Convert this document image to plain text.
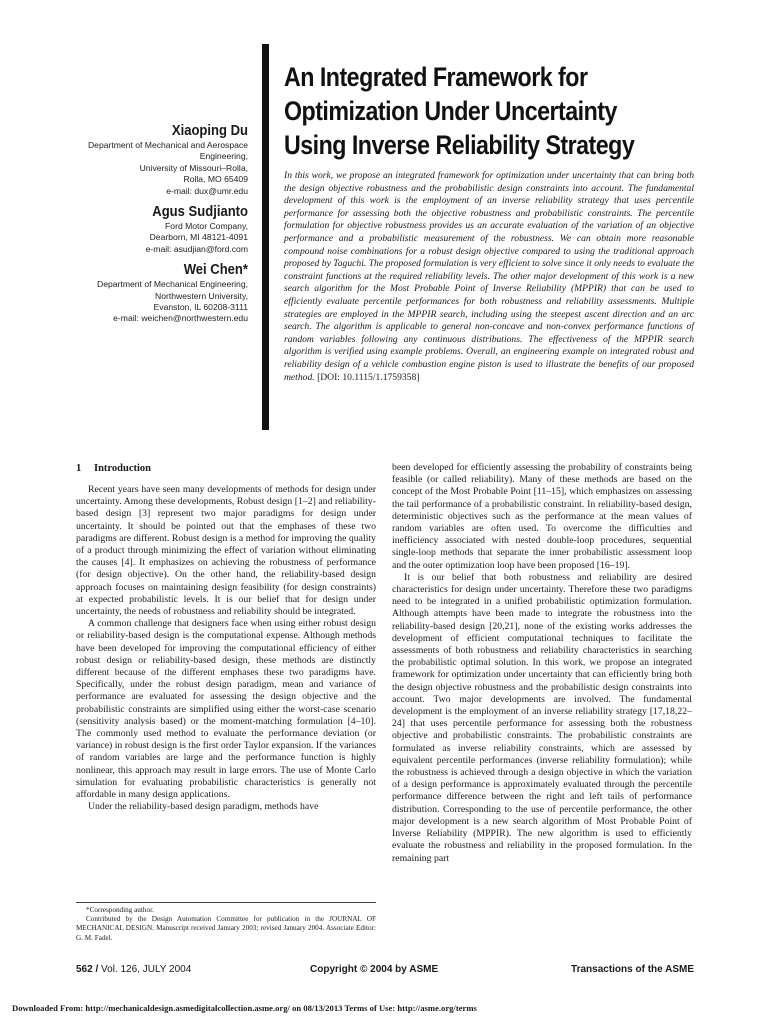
Xiaoping Du
Department of Mechanical and Aerospace
Engineering,
University of Missouri–Rolla,
Rolla, MO 65409
e-mail: dux@umr.edu
Agus Sudjianto
Ford Motor Company,
Dearborn, MI 48121-4091
e-mail: asudjian@ford.com
Wei Chen*
Department of Mechanical Engineering,
Northwestern University,
Evanston, IL 60208-3111
e-mail: weichen@northwestern.edu
An Integrated Framework for
Optimization Under Uncertainty
Using Inverse Reliability Strategy
In this work, we propose an integrated framework for optimization under uncertainty that can bring both the design objective robustness and the probabilistic design constraints into account. The fundamental development of this work is the employment of an inverse reliability strategy that uses percentile performance for assessing both the objective robustness and probabilistic constraints. The percentile formulation for objective robustness provides us an accurate evaluation of the variation of an objective performance and a probabilistic measurement of the robustness. We can obtain more reasonable compound noise combinations for a robust design objective compared to using the traditional approach proposed by Taguchi. The proposed formulation is very efficient to solve since it only needs to evaluate the constraint functions at the required reliability levels. The other major development of this work is a new search algorithm for the Most Probable Point of Inverse Reliability (MPPIR) that can be used to efficiently evaluate percentile performances for both robustness and reliability assessments. Multiple strategies are employed in the MPPIR search, including using the steepest ascent direction and an arc search. The algorithm is applicable to general non-concave and non-convex performance functions of random variables following any continuous distributions. The effectiveness of the MPPIR search algorithm is verified using example problems. Overall, an engineering example on integrated robust and reliability design of a vehicle combustion engine piston is used to illustrate the benefits of our proposed method. [DOI: 10.1115/1.1759358]
1 Introduction

Recent years have seen many developments of methods for design under uncertainty. Among these developments, Robust design [1–2] and reliability-based design [3] represent two major paradigms for design under uncertainty. It should be pointed out that the emphases of these two paradigms are different. Robust design is a method for improving the quality of a product through minimizing the effect of variation without eliminating the causes [4]. It emphasizes on achieving the robustness of performance (for design objective). On the other hand, the reliability-based design approach focuses on maintaining design feasibility (for design constraints) at expected probabilistic levels. It is our belief that for design under uncertainty, the needs of robustness and reliability should be integrated.

A common challenge that designers face when using either robust design or reliability-based design is the computational expense. Although methods have been developed for improving the computational efficiency of either robust design or reliability-based design, these methods are distinctly different because of the different emphases these two paradigms have. Specifically, under the robust design paradigm, mean and variance of performance are evaluated for assessing the design objective and the probabilistic constraints are simplified using either the worst-case scenario (sensitivity analysis based) or the moment-matching formulation [4–10]. The commonly used method to evaluate the performance deviation (or variance) in robust design is the first order Taylor expansion. If the variances of random variables are large and the performance function is highly nonlinear, this approach may result in large errors. The use of Monte Carlo simulation for evaluating probabilistic characteristics is generally not affordable in many design applications.

Under the reliability-based design paradigm, methods have

been developed for efficiently assessing the probability of constraints being feasible (or called reliability). Many of these methods are based on the concept of the Most Probable Point [11–15], which emphasizes on assessing the tail performance of a probabilistic constraint. In reliability-based design, deterministic objectives such as the performance at the mean values of random variables are often used. To overcome the difficulties and inefficiency associated with nested double-loop procedures, sequential single-loop methods that separate the inner probabilistic assessment loop and the outer optimization loop have been proposed [16–19].

It is our belief that both robustness and reliability are desired characteristics for design under uncertainty. Therefore these two paradigms need to be integrated in a unified probabilistic optimization formulation. Although attempts have been made to integrate the robustness into the reliability-based design [20,21], none of the existing works addresses the development of efficient computational techniques to facilitate the assessments of both robustness and reliability characteristics in searching the probabilistic optimal solution. In this work, we propose an integrated framework for optimization under uncertainty that can efficiently bring both the design objective robustness and the probabilistic design constraints into account. Two major developments are involved. The fundamental development is the employment of an inverse reliability strategy [17,18,22–24] that uses percentile performance for assessing both the robustness objective and probabilistic constraints. The probabilistic constraints are formulated as inverse reliability constraints, which are assessed by equivalent percentile performances (inverse reliability formulation); while the robustness is achieved through a design objective in which the variation of a design performance is approximately evaluated through the percentile performance difference between the right and left tails of performance distribution. Corresponding to the use of percentile performance, the other major development is a new search algorithm of Most Probable Point of Inverse Reliability (MPPIR). The new algorithm is used to efficiently evaluate the robustness and reliability in the proposed formulation. In the remaining part

*Corresponding author.

Contributed by the Design Automation Committee for publication in the JOURNAL OF MECHANICAL DESIGN. Manuscript received January 2003; revised January 2004. Associate Editor: G. M. Fadel.

562 / Vol. 126, JULY 2004	Copyright © 2004 by ASME	Transactions of the ASME
Downloaded From: http://mechanicaldesign.asmedigitalcollection.asme.org/ on 08/13/2013 Terms of Use: http://asme.org/terms
